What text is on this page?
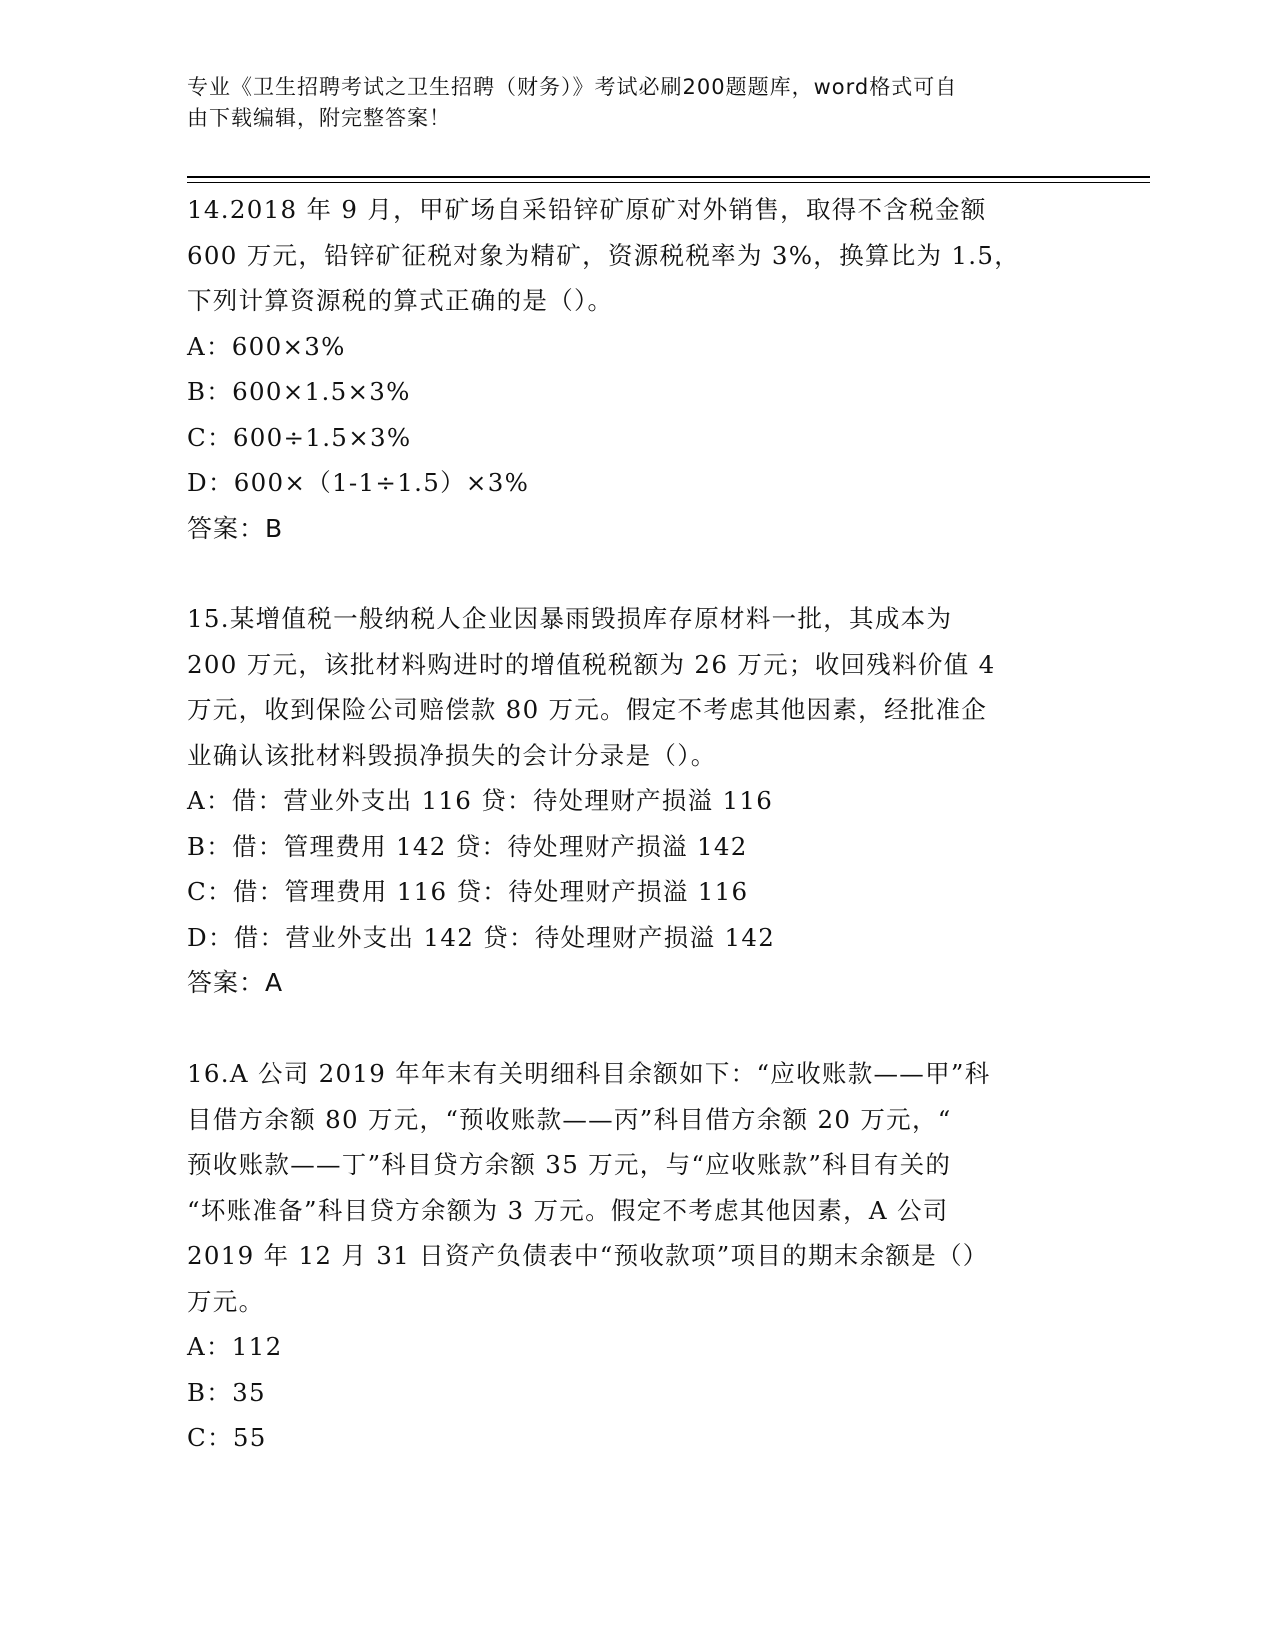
专业《卫生招聘考试之卫生招聘（财务）》考试必刷200题题库，word格式可自
由下载编辑，附完整答案！
14.2018 年 9 月，甲矿场自采铅锌矿原矿对外销售，取得不含税金额
600 万元，铅锌矿征税对象为精矿，资源税税率为 3%，换算比为 1.5，
下列计算资源税的算式正确的是（）。
A：600×3%
B：600×1.5×3%
C：600÷1.5×3%
D：600×（1-1÷1.5）×3%
答案：B
15.某增值税一般纳税人企业因暴雨毁损库存原材料一批，其成本为
200 万元，该批材料购进时的增值税税额为 26 万元；收回残料价值 4
万元，收到保险公司赔偿款 80 万元。假定不考虑其他因素，经批准企
业确认该批材料毁损净损失的会计分录是（）。
A：借：营业外支出 116 贷：待处理财产损溢 116
B：借：管理费用 142 贷：待处理财产损溢 142
C：借：管理费用 116 贷：待处理财产损溢 116
D：借：营业外支出 142 贷：待处理财产损溢 142
答案：A
16.A 公司 2019 年年末有关明细科目余额如下：“应收账款——甲”科
目借方余额 80 万元，“预收账款——丙”科目借方余额 20 万元，“
预收账款——丁”科目贷方余额 35 万元，与“应收账款”科目有关的
“坏账准备”科目贷方余额为 3 万元。假定不考虑其他因素，A 公司
2019 年 12 月 31 日资产负债表中“预收款项”项目的期末余额是（）
万元。
A：112
B：35
C：55
